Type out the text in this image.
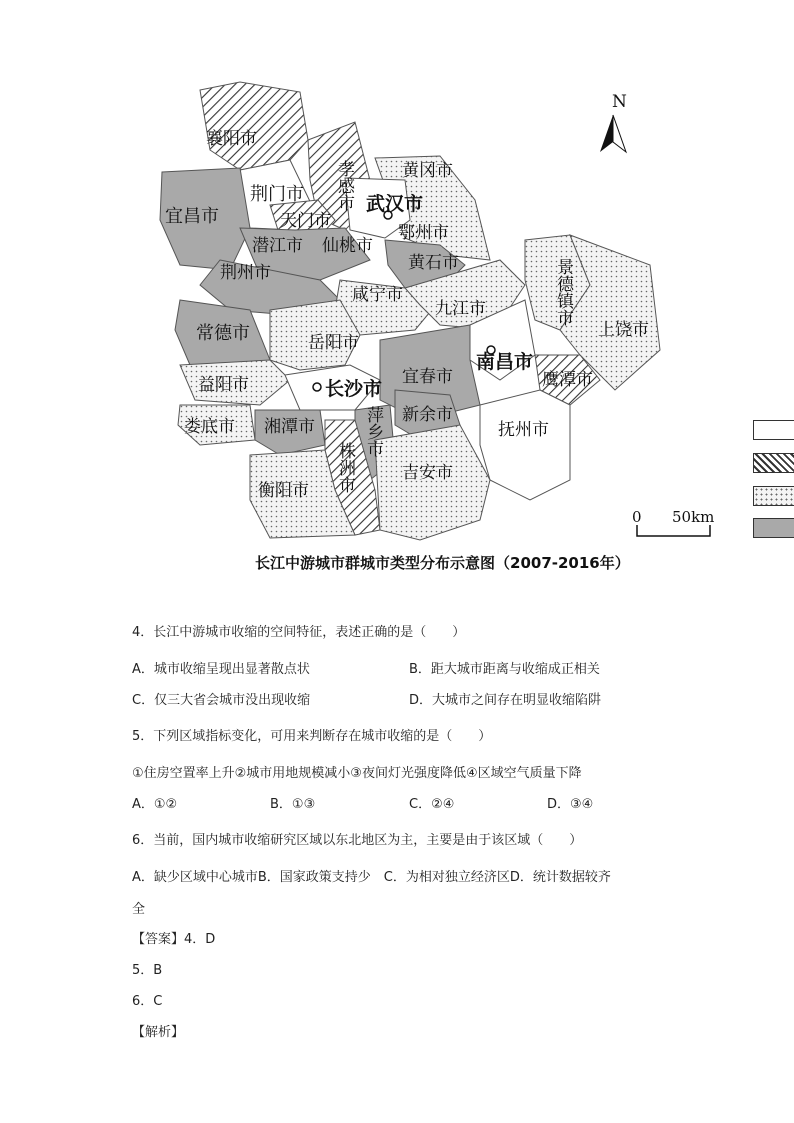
N
襄阳市
孝感市	黄冈市
荆门市
宜昌市	天门市
武汉市
鄂州市
潜江市 仙桃市
黄石市
荆州市
咸宁市
九江市	景德镇市
上饶市
常德市	岳阳市
南昌市
益阳市	长沙市
宜春市	鹰潭市
娄底市 湘潭市	萍乡市 新余市
抚州市
株洲市
衡阳市
吉安市
0 50km
长江中游城市群城市类型分布示意图（2007-2016年）
4．长江中游城市收缩的空间特征，表述正确的是（　　）
A．城市收缩呈现出显著散点状	B．距大城市距离与收缩成正相关
C．仅三大省会城市没出现收缩	D．大城市之间存在明显收缩陷阱
5．下列区域指标变化，可用来判断存在城市收缩的是（　　）
①住房空置率上升②城市用地规模减小③夜间灯光强度降低④区域空气质量下降
A．①②	B．①③	C．②④	D．③④
6．当前，国内城市收缩研究区域以东北地区为主，主要是由于该区域（　　）
A．缺少区域中心城市B．国家政策支持少　C．为相对独立经济区D．统计数据较齐
全
【答案】4．D
5．B
6．C
【解析】
